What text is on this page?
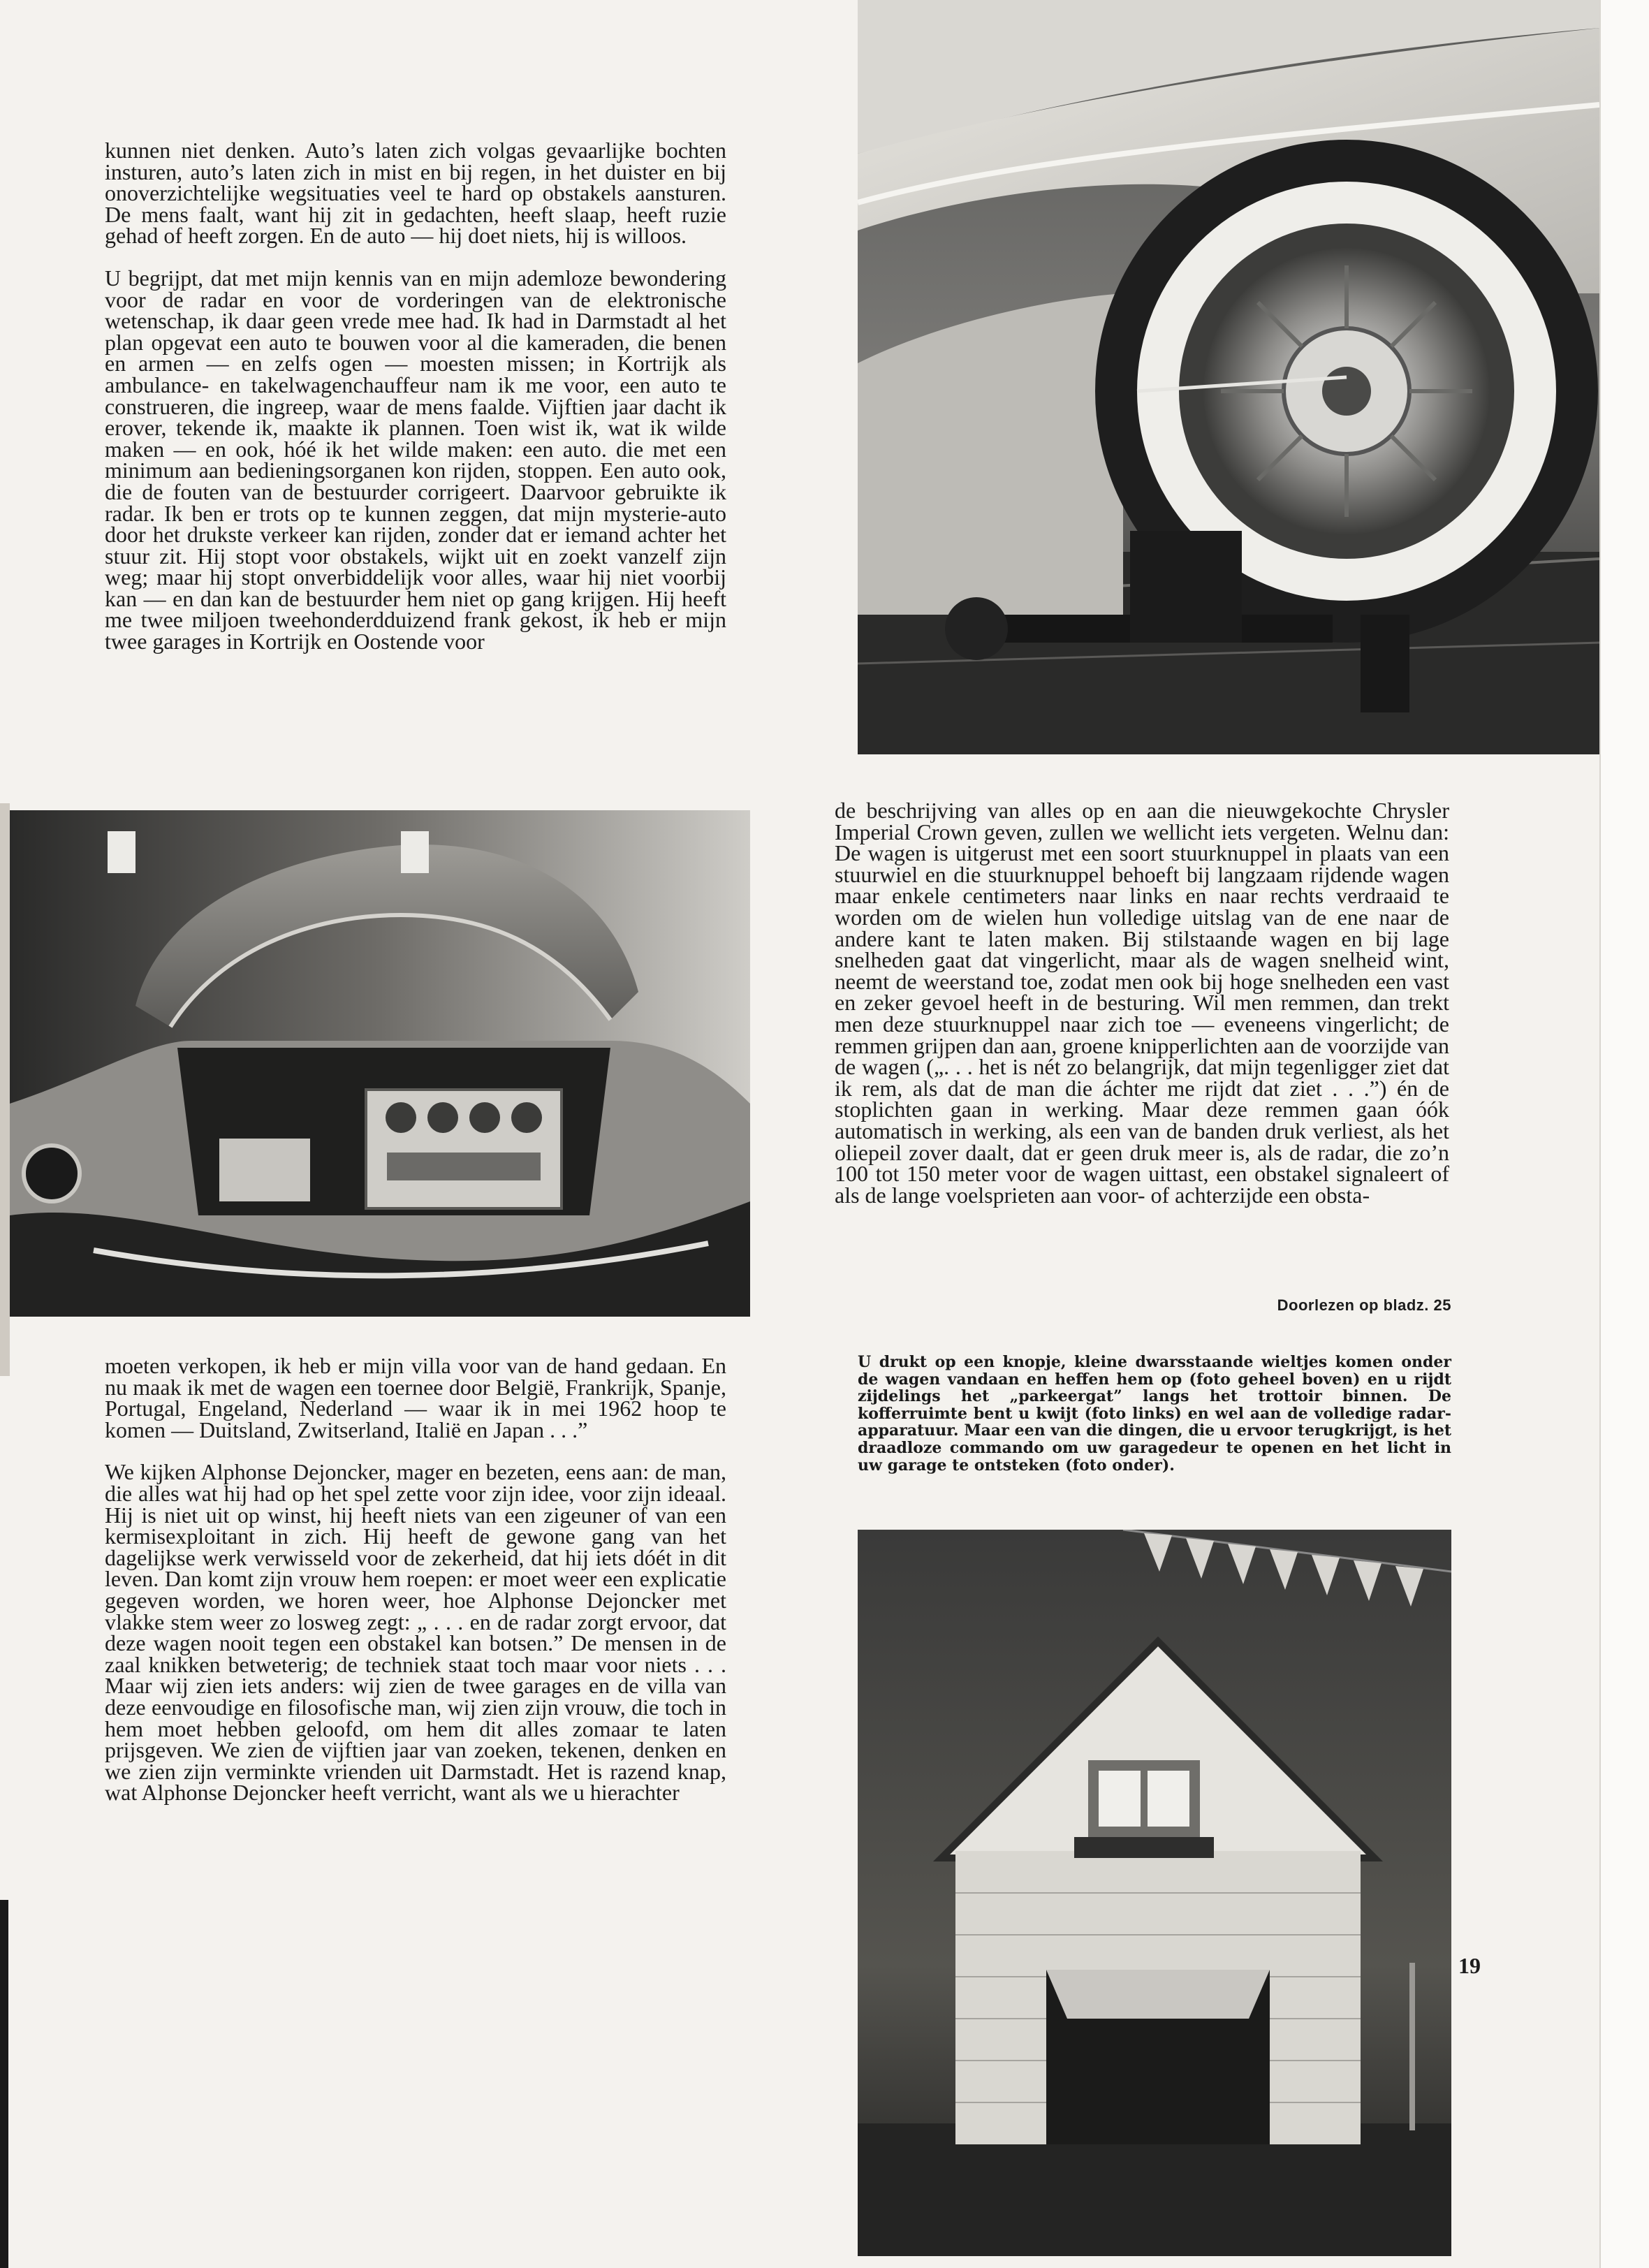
kunnen niet denken. Auto’s laten zich volgas gevaarlijke bochten insturen, auto’s laten zich in mist en bij regen, in het duister en bij onoverzichtelijke wegsituaties veel te hard op obstakels aansturen. De mens faalt, want hij zit in gedachten, heeft slaap, heeft ruzie gehad of heeft zorgen. En de auto — hij doet niets, hij is willoos.

U begrijpt, dat met mijn kennis van en mijn ademloze bewondering voor de radar en voor de vorderingen van de elektronische wetenschap, ik daar geen vrede mee had. Ik had in Darmstadt al het plan opgevat een auto te bouwen voor al die kameraden, die benen en armen — en zelfs ogen — moesten missen; in Kortrijk als ambulance- en takelwagenchauffeur nam ik me voor, een auto te construeren, die ingreep, waar de mens faalde. Vijftien jaar dacht ik erover, tekende ik, maakte ik plannen. Toen wist ik, wat ik wilde maken — en ook, hóé ik het wilde maken: een auto. die met een minimum aan bedieningsorganen kon rijden, stoppen. Een auto ook, die de fouten van de bestuurder corrigeert. Daarvoor gebruikte ik radar. Ik ben er trots op te kunnen zeggen, dat mijn mysterie-auto door het drukste verkeer kan rijden, zonder dat er iemand achter het stuur zit. Hij stopt voor obstakels, wijkt uit en zoekt vanzelf zijn weg; maar hij stopt onverbiddelijk voor alles, waar hij niet voorbij kan — en dan kan de bestuurder hem niet op gang krijgen. Hij heeft me twee miljoen tweehonderdduizend frank gekost, ik heb er mijn twee garages in Kortrijk en Oostende voor

de beschrijving van alles op en aan die nieuwgekochte Chrysler Imperial Crown geven, zullen we wellicht iets vergeten. Welnu dan: De wagen is uitgerust met een soort stuurknuppel in plaats van een stuurwiel en die stuurknuppel behoeft bij langzaam rijdende wagen maar enkele centimeters naar links en naar rechts verdraaid te worden om de wielen hun volledige uitslag van de ene naar de andere kant te laten maken. Bij stilstaande wagen en bij lage snelheden gaat dat vingerlicht, maar als de wagen snelheid wint, neemt de weerstand toe, zodat men ook bij hoge snelheden een vast en zeker gevoel heeft in de besturing. Wil men remmen, dan trekt men deze stuurknuppel naar zich toe — eveneens vingerlicht; de remmen grijpen dan aan, groene knipperlichten aan de voorzijde van de wagen („. . . het is nét zo belangrijk, dat mijn tegenligger ziet dat ik rem, als dat de man die áchter me rijdt dat ziet . . .”) én de stoplichten gaan in werking. Maar deze remmen gaan óók automatisch in werking, als een van de banden druk verliest, als het oliepeil zover daalt, dat er geen druk meer is, als de radar, die zo’n 100 tot 150 meter voor de wagen uittast, een obstakel signaleert of als de lange voelsprieten aan voor- of achterzijde een obsta-

Doorlezen op bladz. 25

moeten verkopen, ik heb er mijn villa voor van de hand gedaan. En nu maak ik met de wagen een toernee door België, Frankrijk, Spanje, Portugal, Engeland, Nederland — waar ik in mei 1962 hoop te komen — Duitsland, Zwitserland, Italië en Japan . . .”

We kijken Alphonse Dejoncker, mager en bezeten, eens aan: de man, die alles wat hij had op het spel zette voor zijn idee, voor zijn ideaal. Hij is niet uit op winst, hij heeft niets van een zigeuner of van een kermisexploitant in zich. Hij heeft de gewone gang van het dagelijkse werk verwisseld voor de zekerheid, dat hij iets dóét in dit leven. Dan komt zijn vrouw hem roepen: er moet weer een explicatie gegeven worden, we horen weer, hoe Alphonse Dejoncker met vlakke stem weer zo losweg zegt: „ . . . en de radar zorgt ervoor, dat deze wagen nooit tegen een obstakel kan botsen.” De mensen in de zaal knikken betweterig; de techniek staat toch maar voor niets . . . Maar wij zien iets anders: wij zien de twee garages en de villa van deze eenvoudige en filosofische man, wij zien zijn vrouw, die toch in hem moet hebben geloofd, om hem dit alles zomaar te laten prijsgeven. We zien de vijftien jaar van zoeken, tekenen, denken en we zien zijn verminkte vrienden uit Darmstadt. Het is razend knap, wat Alphonse Dejoncker heeft verricht, want als we u hierachter

U drukt op een knopje, kleine dwarsstaande wieltjes komen onder de wagen vandaan en heffen hem op (foto geheel boven) en u rijdt zijdelings het „parkeergat” langs het trottoir binnen. De kofferruimte bent u kwijt (foto links) en wel aan de volledige radar-apparatuur. Maar een van die dingen, die u ervoor terugkrijgt, is het draadloze commando om uw garagedeur te openen en het licht in uw garage te ontsteken (foto onder).

19
